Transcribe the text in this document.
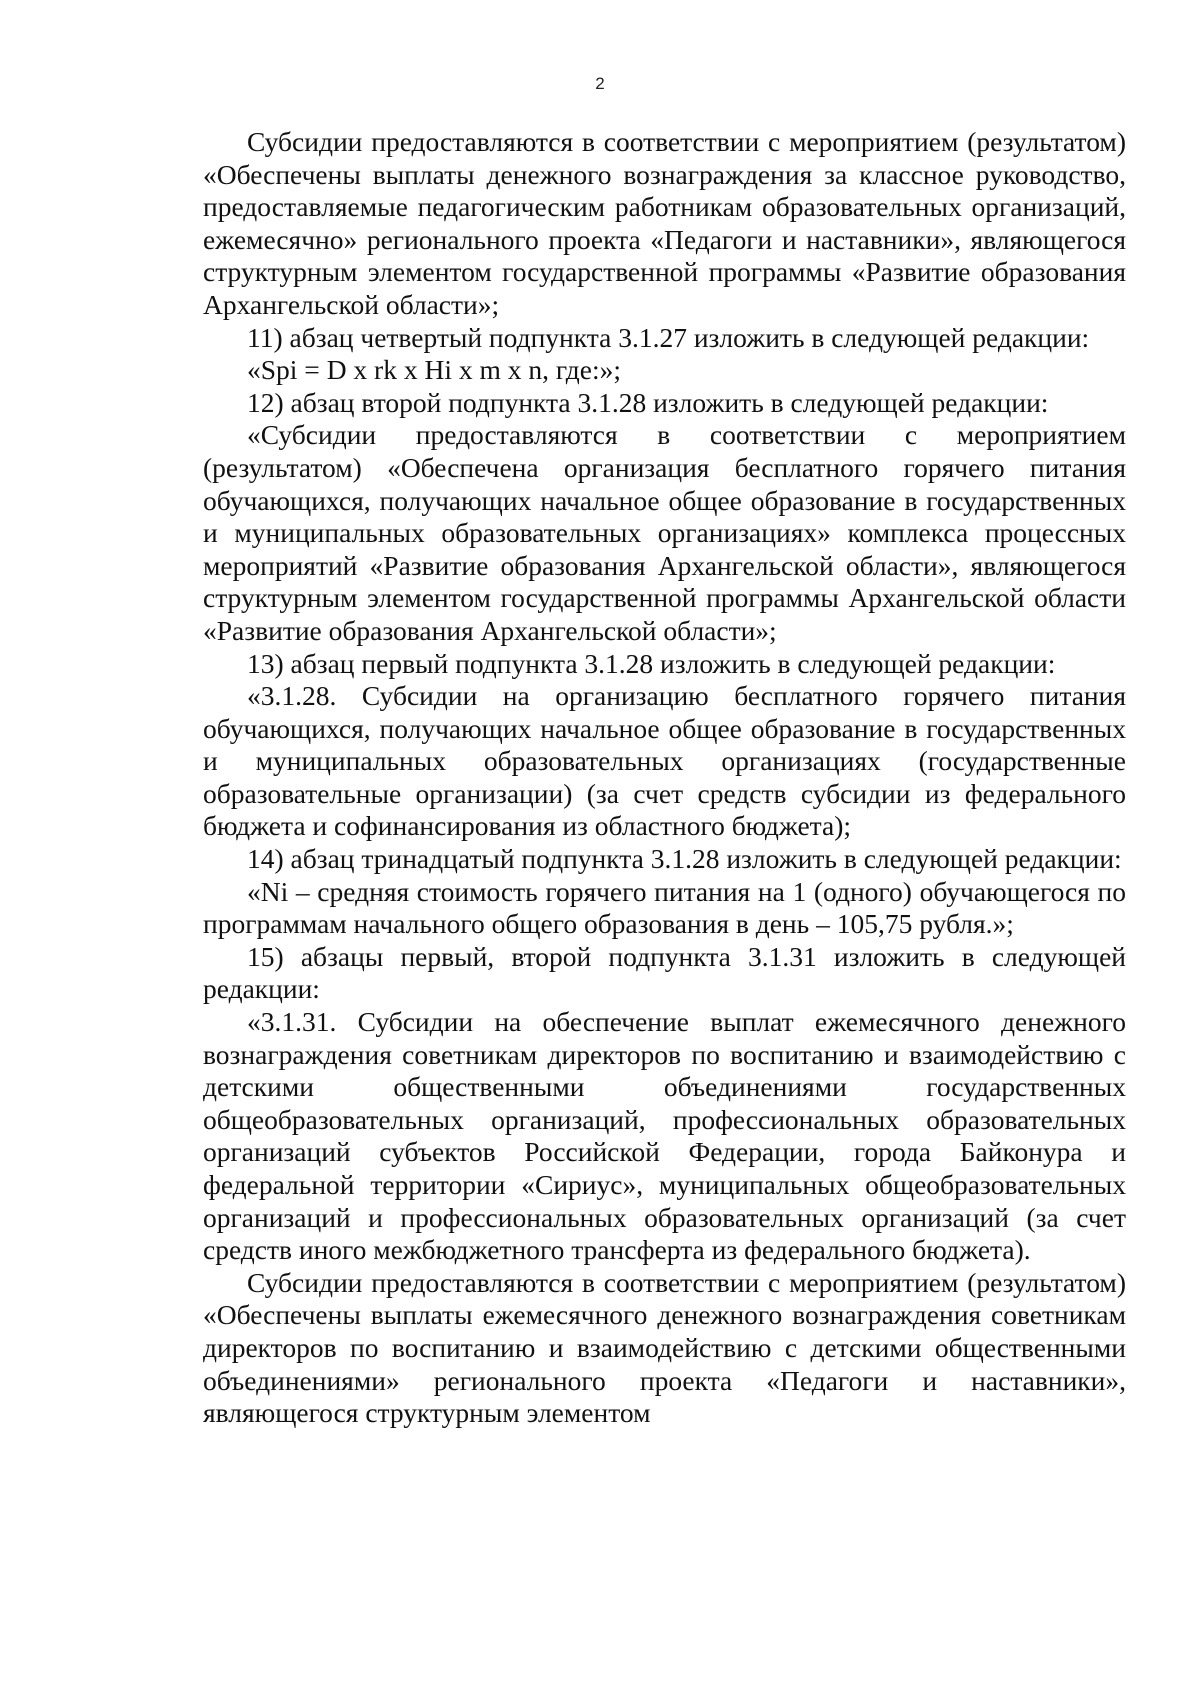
2

Субсидии предоставляются в соответствии с мероприятием (результатом) «Обеспечены выплаты денежного вознаграждения за классное руководство, предоставляемые педагогическим работникам образовательных организаций, ежемесячно» регионального проекта «Педагоги и наставники», являющегося структурным элементом государственной программы «Развитие образования Архангельской области»;

11) абзац четвертый подпункта 3.1.27 изложить в следующей редакции:

«Spi = D x rk x Hi x m x n, где:»;

12) абзац второй подпункта 3.1.28 изложить в следующей редакции:

«Субсидии предоставляются в соответствии с мероприятием (результатом) «Обеспечена организация бесплатного горячего питания обучающихся, получающих начальное общее образование в государственных и муниципальных образовательных организациях» комплекса процессных мероприятий «Развитие образования Архангельской области», являющегося структурным элементом государственной программы Архангельской области «Развитие образования Архангельской области»;

13) абзац первый подпункта 3.1.28 изложить в следующей редакции:

«3.1.28. Субсидии на организацию бесплатного горячего питания обучающихся, получающих начальное общее образование в государственных и муниципальных образовательных организациях (государственные образовательные организации) (за счет средств субсидии из федерального бюджета и софинансирования из областного бюджета);

14) абзац тринадцатый подпункта 3.1.28 изложить в следующей редакции:

«Ni – средняя стоимость горячего питания на 1 (одного) обучающегося по программам начального общего образования в день – 105,75 рубля.»;

15) абзацы первый, второй подпункта 3.1.31 изложить в следующей редакции:

«3.1.31. Субсидии на обеспечение выплат ежемесячного денежного вознаграждения советникам директоров по воспитанию и взаимодействию с детскими общественными объединениями государственных общеобразовательных организаций, профессиональных образовательных организаций субъектов Российской Федерации, города Байконура и федеральной территории «Сириус», муниципальных общеобразовательных организаций и профессиональных образовательных организаций (за счет средств иного межбюджетного трансферта из федерального бюджета).

Субсидии предоставляются в соответствии с мероприятием (результатом) «Обеспечены выплаты ежемесячного денежного вознаграждения советникам директоров по воспитанию и взаимодействию с детскими общественными объединениями» регионального проекта «Педагоги и наставники», являющегося структурным элементом
